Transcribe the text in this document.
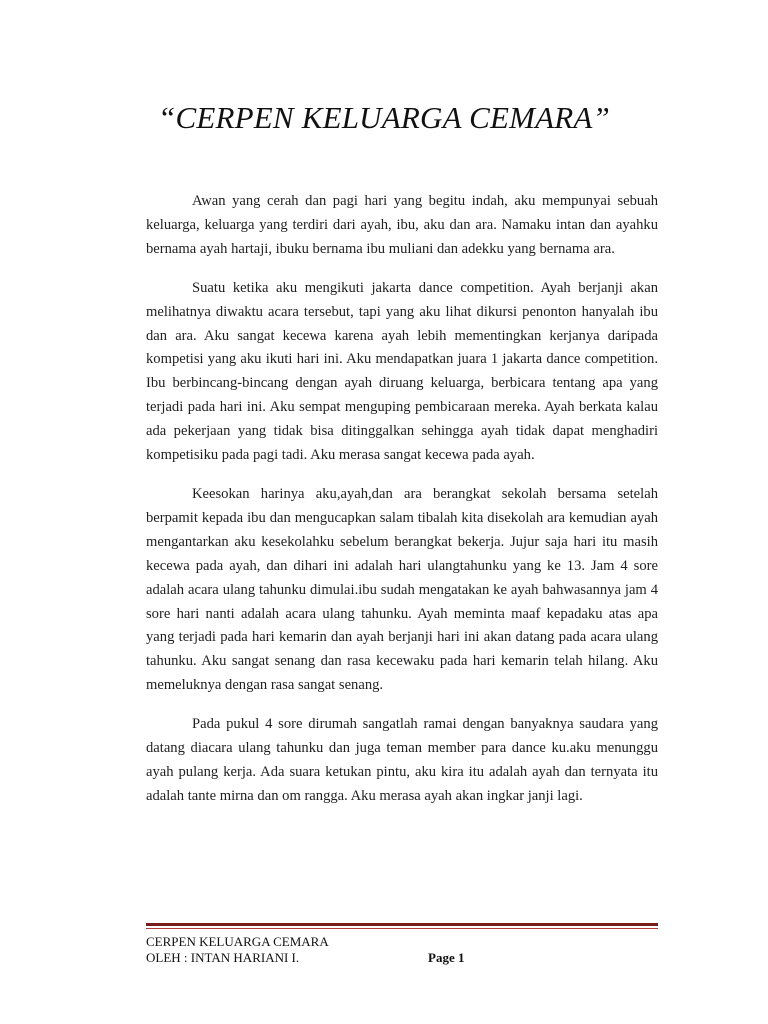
“CERPEN KELUARGA CEMARA”

Awan yang cerah dan pagi hari yang begitu indah, aku mempunyai sebuah keluarga, keluarga yang terdiri dari ayah, ibu, aku dan ara. Namaku intan dan ayahku bernama ayah hartaji, ibuku bernama ibu muliani dan adekku yang bernama ara.

Suatu ketika aku mengikuti jakarta dance competition. Ayah berjanji akan melihatnya diwaktu acara tersebut, tapi yang aku lihat dikursi penonton hanyalah ibu dan ara. Aku sangat kecewa karena ayah lebih mementingkan kerjanya daripada kompetisi yang aku ikuti hari ini. Aku mendapatkan juara 1 jakarta dance competition. Ibu berbincang-bincang dengan ayah diruang keluarga, berbicara tentang apa yang terjadi pada hari ini. Aku sempat menguping pembicaraan mereka. Ayah berkata kalau ada pekerjaan yang tidak bisa ditinggalkan sehingga ayah tidak dapat menghadiri kompetisiku pada pagi tadi. Aku merasa sangat kecewa pada ayah.

Keesokan harinya aku,ayah,dan ara berangkat sekolah bersama setelah berpamit kepada ibu dan mengucapkan salam tibalah kita disekolah ara kemudian ayah mengantarkan aku kesekolahku sebelum berangkat bekerja. Jujur saja hari itu masih kecewa pada ayah, dan dihari ini adalah hari ulangtahunku yang ke 13. Jam 4 sore adalah acara ulang tahunku dimulai.ibu sudah mengatakan ke ayah bahwasannya jam 4 sore hari nanti adalah acara ulang tahunku. Ayah meminta maaf kepadaku atas apa yang terjadi pada hari kemarin dan ayah berjanji hari ini akan datang pada acara ulang tahunku. Aku sangat senang dan rasa kecewaku pada hari kemarin telah hilang. Aku memeluknya dengan rasa sangat senang.

Pada pukul 4 sore dirumah sangatlah ramai dengan banyaknya saudara yang datang diacara ulang tahunku dan juga teman member para dance ku.aku menunggu ayah pulang kerja. Ada suara ketukan pintu, aku kira itu adalah ayah dan ternyata itu adalah tante mirna dan om rangga. Aku merasa ayah akan ingkar janji lagi.

CERPEN KELUARGA CEMARA
OLEH : INTAN HARIANI I.	Page 1
